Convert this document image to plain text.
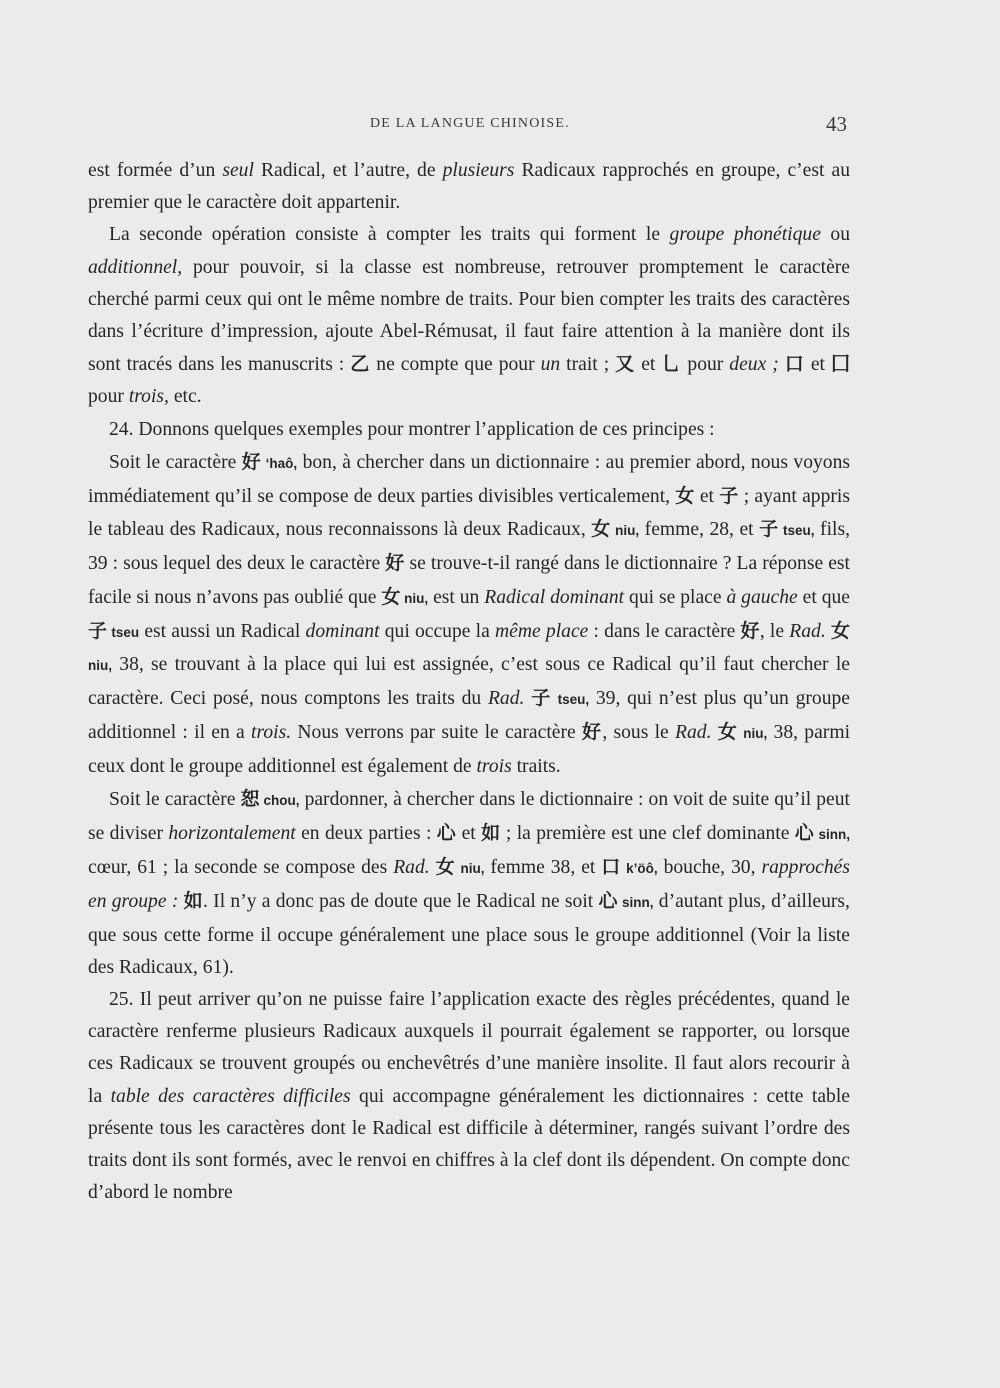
DE LA LANGUE CHINOISE.	43

est formée d’un seul Radical, et l’autre, de plusieurs Radicaux rapprochés en groupe, c’est au premier que le caractère doit appartenir.

La seconde opération consiste à compter les traits qui forment le groupe phonétique ou additionnel, pour pouvoir, si la classe est nombreuse, retrouver promptement le caractère cherché parmi ceux qui ont le même nombre de traits. Pour bien compter les traits des caractères dans l’écriture d’impression, ajoute Abel-Rémusat, il faut faire attention à la manière dont ils sont tracés dans les manuscrits : 乙 ne compte que pour un trait ; 又 et 乚 pour deux ; 口 et 囗 pour trois, etc.

24. Donnons quelques exemples pour montrer l’application de ces principes :

Soit le caractère 好 ‘haô, bon, à chercher dans un dictionnaire : au premier abord, nous voyons immédiatement qu’il se compose de deux parties divisibles verticalement, 女 et 子 ; ayant appris le tableau des Radicaux, nous reconnaissons là deux Radicaux, 女 niu, femme, 28, et 子 tseu, fils, 39 : sous lequel des deux le caractère 好 se trouve-t-il rangé dans le dictionnaire ? La réponse est facile si nous n’avons pas oublié que 女 niu, est un Radical dominant qui se place à gauche et que 子 tseu est aussi un Radical dominant qui occupe la même place : dans le caractère 好, le Rad. 女 niu, 38, se trouvant à la place qui lui est assignée, c’est sous ce Radical qu’il faut chercher le caractère. Ceci posé, nous comptons les traits du Rad. 子 tseu, 39, qui n’est plus qu’un groupe additionnel : il en a trois. Nous verrons par suite le caractère 好, sous le Rad. 女 niu, 38, parmi ceux dont le groupe additionnel est également de trois traits.

Soit le caractère 恕 chou, pardonner, à chercher dans le dictionnaire : on voit de suite qu’il peut se diviser horizontalement en deux parties : 心 et 如 ; la première est une clef dominante 心 sinn, cœur, 61 ; la seconde se compose des Rad. 女 niu, femme 38, et 口 k’öô, bouche, 30, rapprochés en groupe : 如. Il n’y a donc pas de doute que le Radical ne soit 心 sinn, d’autant plus, d’ailleurs, que sous cette forme il occupe généralement une place sous le groupe additionnel (Voir la liste des Radicaux, 61).

25. Il peut arriver qu’on ne puisse faire l’application exacte des règles précédentes, quand le caractère renferme plusieurs Radicaux auxquels il pourrait également se rapporter, ou lorsque ces Radicaux se trouvent groupés ou enchevêtrés d’une manière insolite. Il faut alors recourir à la table des caractères difficiles qui accompagne généralement les dictionnaires : cette table présente tous les caractères dont le Radical est difficile à déterminer, rangés suivant l’ordre des traits dont ils sont formés, avec le renvoi en chiffres à la clef dont ils dépendent. On compte donc d’abord le nombre
